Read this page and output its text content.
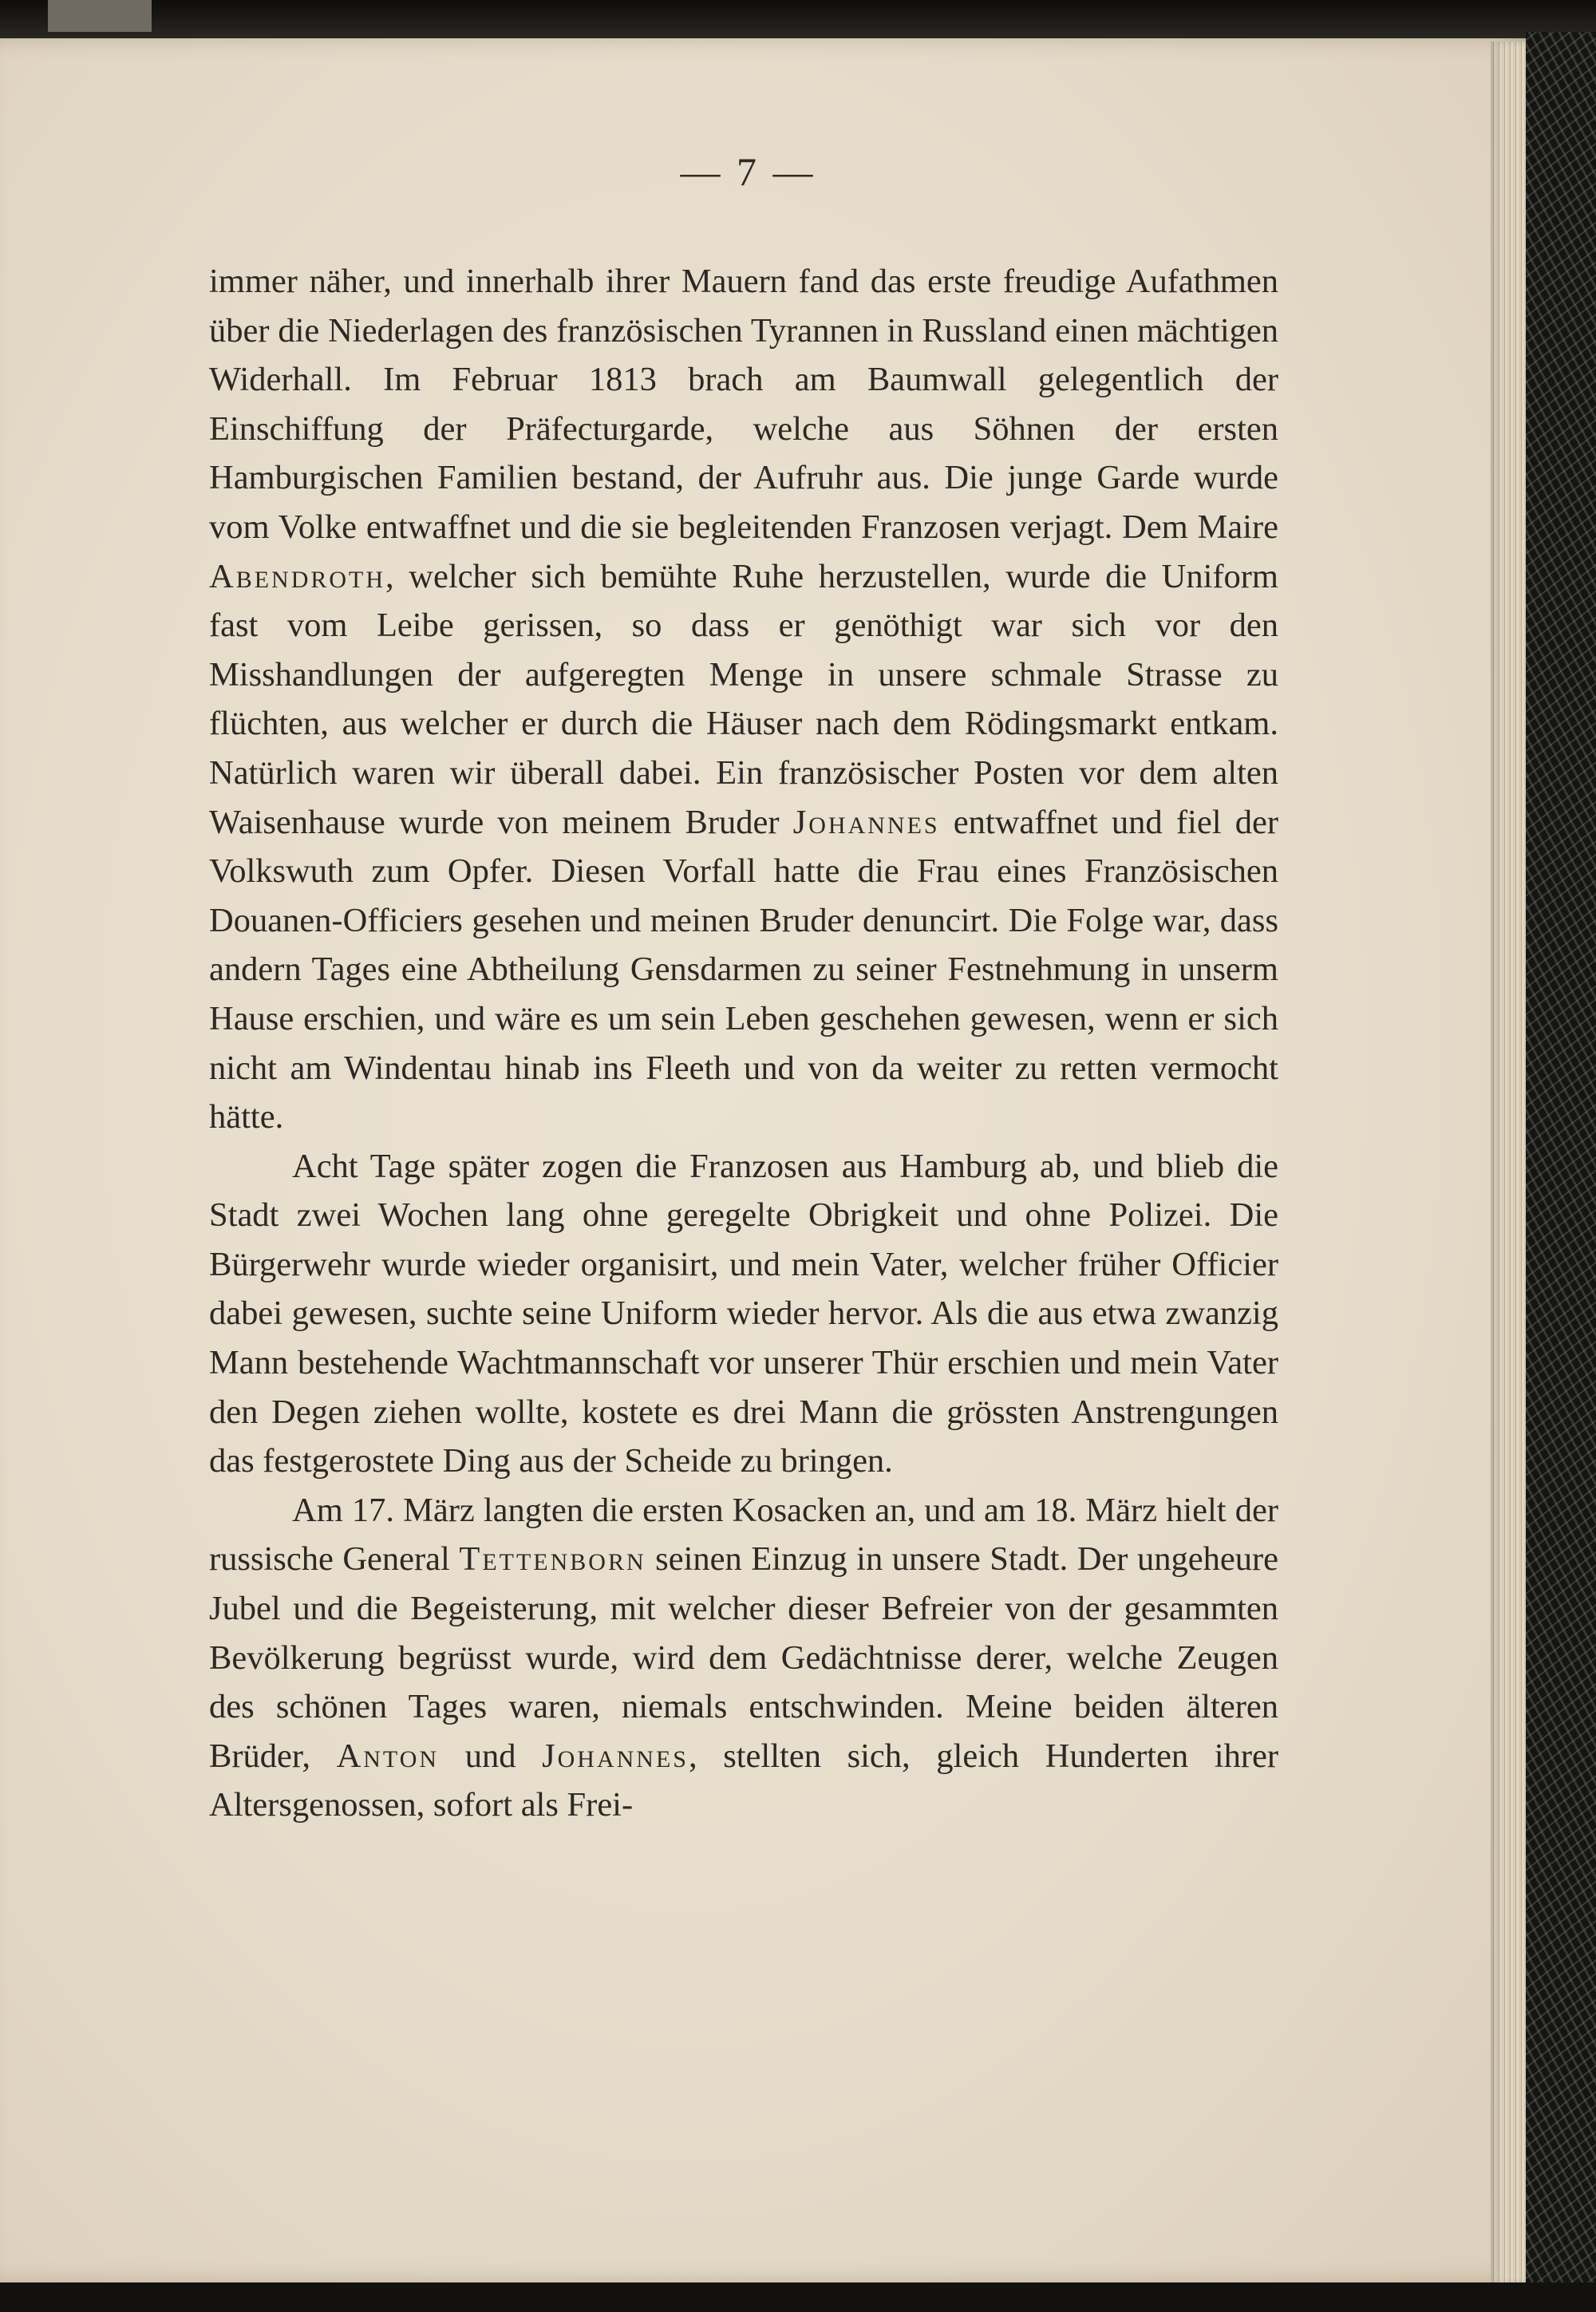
— 7 —

immer näher, und innerhalb ihrer Mauern fand das erste freudige Aufathmen über die Niederlagen des französischen Tyrannen in Russland einen mächtigen Widerhall. Im Februar 1813 brach am Baumwall gelegentlich der Einschiffung der Präfecturgarde, welche aus Söhnen der ersten Hamburgischen Familien bestand, der Aufruhr aus. Die junge Garde wurde vom Volke entwaffnet und die sie begleitenden Franzosen verjagt. Dem Maire Abendroth, welcher sich bemühte Ruhe herzustellen, wurde die Uniform fast vom Leibe gerissen, so dass er genöthigt war sich vor den Misshandlungen der aufgeregten Menge in unsere schmale Strasse zu flüchten, aus welcher er durch die Häuser nach dem Rödingsmarkt entkam. Natürlich waren wir überall dabei. Ein französischer Posten vor dem alten Waisenhause wurde von meinem Bruder Johannes entwaffnet und fiel der Volkswuth zum Opfer. Diesen Vorfall hatte die Frau eines Französischen Douanen-Officiers gesehen und meinen Bruder denuncirt. Die Folge war, dass andern Tages eine Abtheilung Gensdarmen zu seiner Festnehmung in unserm Hause erschien, und wäre es um sein Leben geschehen gewesen, wenn er sich nicht am Windentau hinab ins Fleeth und von da weiter zu retten vermocht hätte.

Acht Tage später zogen die Franzosen aus Hamburg ab, und blieb die Stadt zwei Wochen lang ohne geregelte Obrigkeit und ohne Polizei. Die Bürgerwehr wurde wieder organisirt, und mein Vater, welcher früher Officier dabei gewesen, suchte seine Uniform wieder hervor. Als die aus etwa zwanzig Mann bestehende Wachtmannschaft vor unserer Thür erschien und mein Vater den Degen ziehen wollte, kostete es drei Mann die grössten Anstrengungen das festgerostete Ding aus der Scheide zu bringen.

Am 17. März langten die ersten Kosacken an, und am 18. März hielt der russische General Tettenborn seinen Einzug in unsere Stadt. Der ungeheure Jubel und die Begeisterung, mit welcher dieser Befreier von der gesammten Bevölkerung begrüsst wurde, wird dem Gedächtnisse derer, welche Zeugen des schönen Tages waren, niemals entschwinden. Meine beiden älteren Brüder, Anton und Johannes, stellten sich, gleich Hunderten ihrer Altersgenossen, sofort als Frei-
